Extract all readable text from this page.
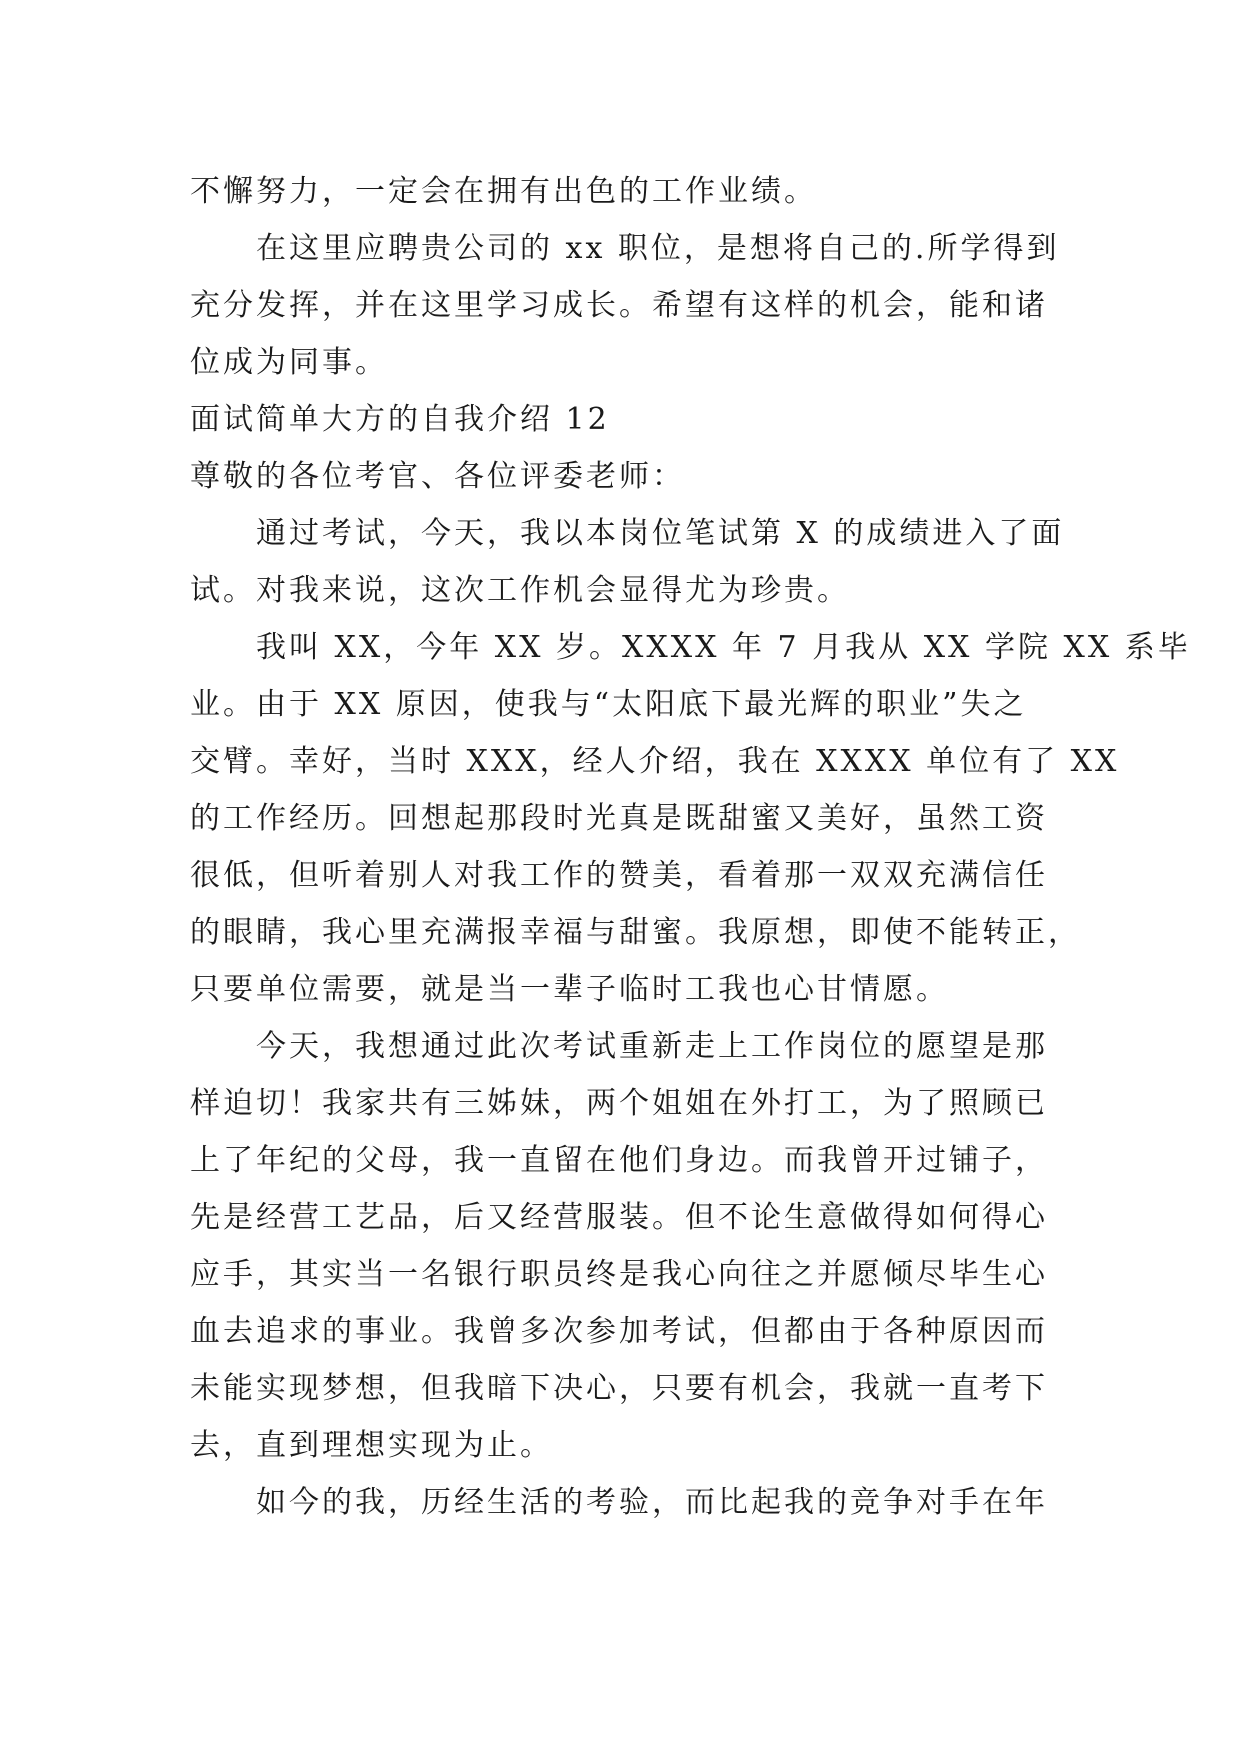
不懈努力，一定会在拥有出色的工作业绩。
在这里应聘贵公司的 xx 职位，是想将自己的.所学得到
充分发挥，并在这里学习成长。希望有这样的机会，能和诸
位成为同事。
面试简单大方的自我介绍 12
尊敬的各位考官、各位评委老师：
通过考试，今天，我以本岗位笔试第 X 的成绩进入了面
试。对我来说，这次工作机会显得尤为珍贵。
我叫 XX，今年 XX 岁。XXXX 年 7 月我从 XX 学院 XX 系毕
业。由于 XX 原因，使我与“太阳底下最光辉的职业”失之
交臂。幸好，当时 XXX，经人介绍，我在 XXXX 单位有了 XX
的工作经历。回想起那段时光真是既甜蜜又美好，虽然工资
很低，但听着别人对我工作的赞美，看着那一双双充满信任
的眼睛，我心里充满报幸福与甜蜜。我原想，即使不能转正，
只要单位需要，就是当一辈子临时工我也心甘情愿。
今天，我想通过此次考试重新走上工作岗位的愿望是那
样迫切！我家共有三姊妹，两个姐姐在外打工，为了照顾已
上了年纪的父母，我一直留在他们身边。而我曾开过铺子，
先是经营工艺品，后又经营服装。但不论生意做得如何得心
应手，其实当一名银行职员终是我心向往之并愿倾尽毕生心
血去追求的事业。我曾多次参加考试，但都由于各种原因而
未能实现梦想，但我暗下决心，只要有机会，我就一直考下
去，直到理想实现为止。
如今的我，历经生活的考验，而比起我的竞争对手在年
